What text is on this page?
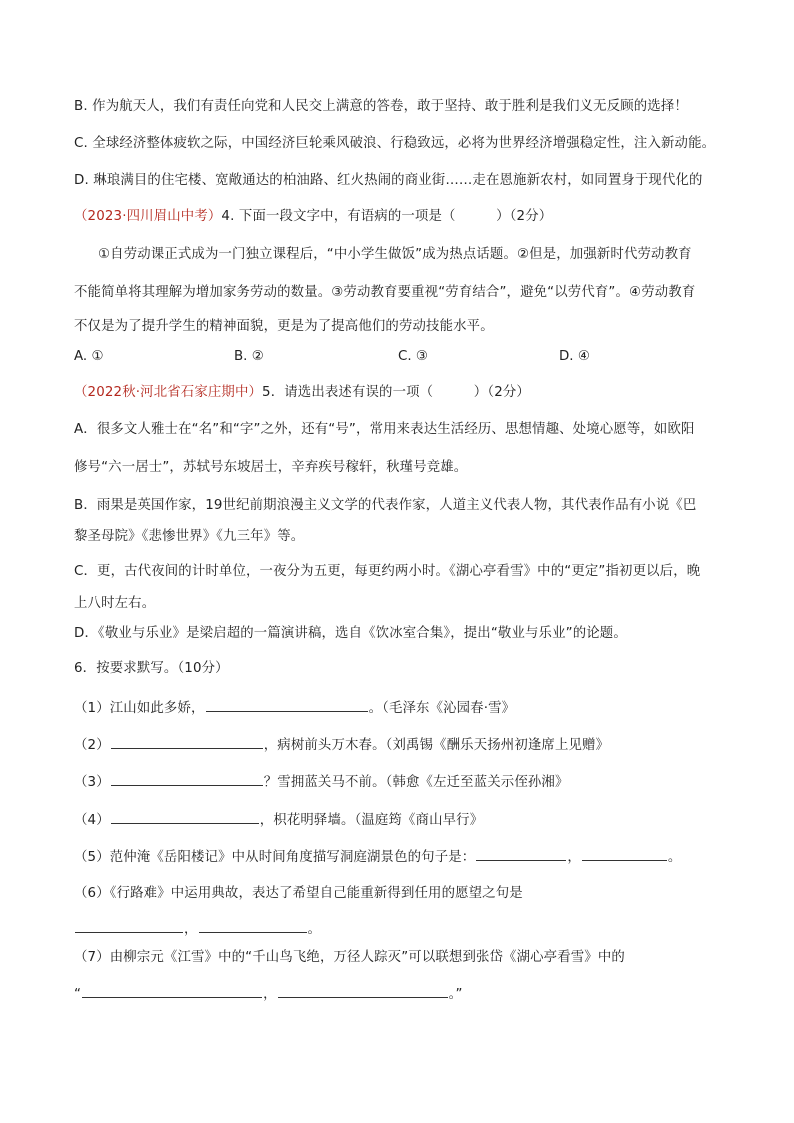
B. 作为航天人，我们有责任向党和人民交上满意的答卷，敢于坚持、敢于胜利是我们义无反顾的选择！
C. 全球经济整体疲软之际，中国经济巨轮乘风破浪、行稳致远，必将为世界经济增强稳定性，注入新动能。
D. 琳琅满目的住宅楼、宽敞通达的柏油路、红火热闹的商业街……走在恩施新农村，如同置身于现代化的
（2023·四川眉山中考）4. 下面一段文字中，有语病的一项是（　　　）（2分）
①自劳动课正式成为一门独立课程后，“中小学生做饭”成为热点话题。②但是，加强新时代劳动教育
不能简单将其理解为增加家务劳动的数量。③劳动教育要重视“劳育结合”，避免“以劳代育”。④劳动教育
不仅是为了提升学生的精神面貌，更是为了提高他们的劳动技能水平。
A. ①	B. ②	C. ③	D. ④
（2022秋·河北省石家庄期中）5．请选出表述有误的一项（　　　）（2分）
A．很多文人雅士在“名”和“字”之外，还有“号”，常用来表达生活经历、思想情趣、处境心愿等，如欧阳
修号“六一居士”，苏轼号东坡居士，辛弃疾号稼轩，秋瑾号竞雄。
B．雨果是英国作家，19世纪前期浪漫主义文学的代表作家，人道主义代表人物，其代表作品有小说《巴
黎圣母院》《悲惨世界》《九三年》等。
C．更，古代夜间的计时单位，一夜分为五更，每更约两小时。《湖心亭看雪》中的“更定”指初更以后，晚
上八时左右。
D．《敬业与乐业》是梁启超的一篇演讲稿，选自《饮冰室合集》，提出“敬业与乐业”的论题。
6．按要求默写。（10分）
（1）江山如此多娇，	。（毛泽东《沁园春·雪》
（2）	，病树前头万木春。（刘禹锡《酬乐天扬州初逢席上见赠》
（3）	？雪拥蓝关马不前。（韩愈《左迁至蓝关示侄孙湘》
（4）	，枳花明驿墙。（温庭筠《商山早行》
（5）范仲淹《岳阳楼记》中从时间角度描写洞庭湖景色的句子是：	，	。
（6）《行路难》中运用典故，表达了希望自己能重新得到任用的愿望之句是
，	。
（7）由柳宗元《江雪》中的“千山鸟飞绝，万径人踪灭”可以联想到张岱《湖心亭看雪》中的
“	，	。”
